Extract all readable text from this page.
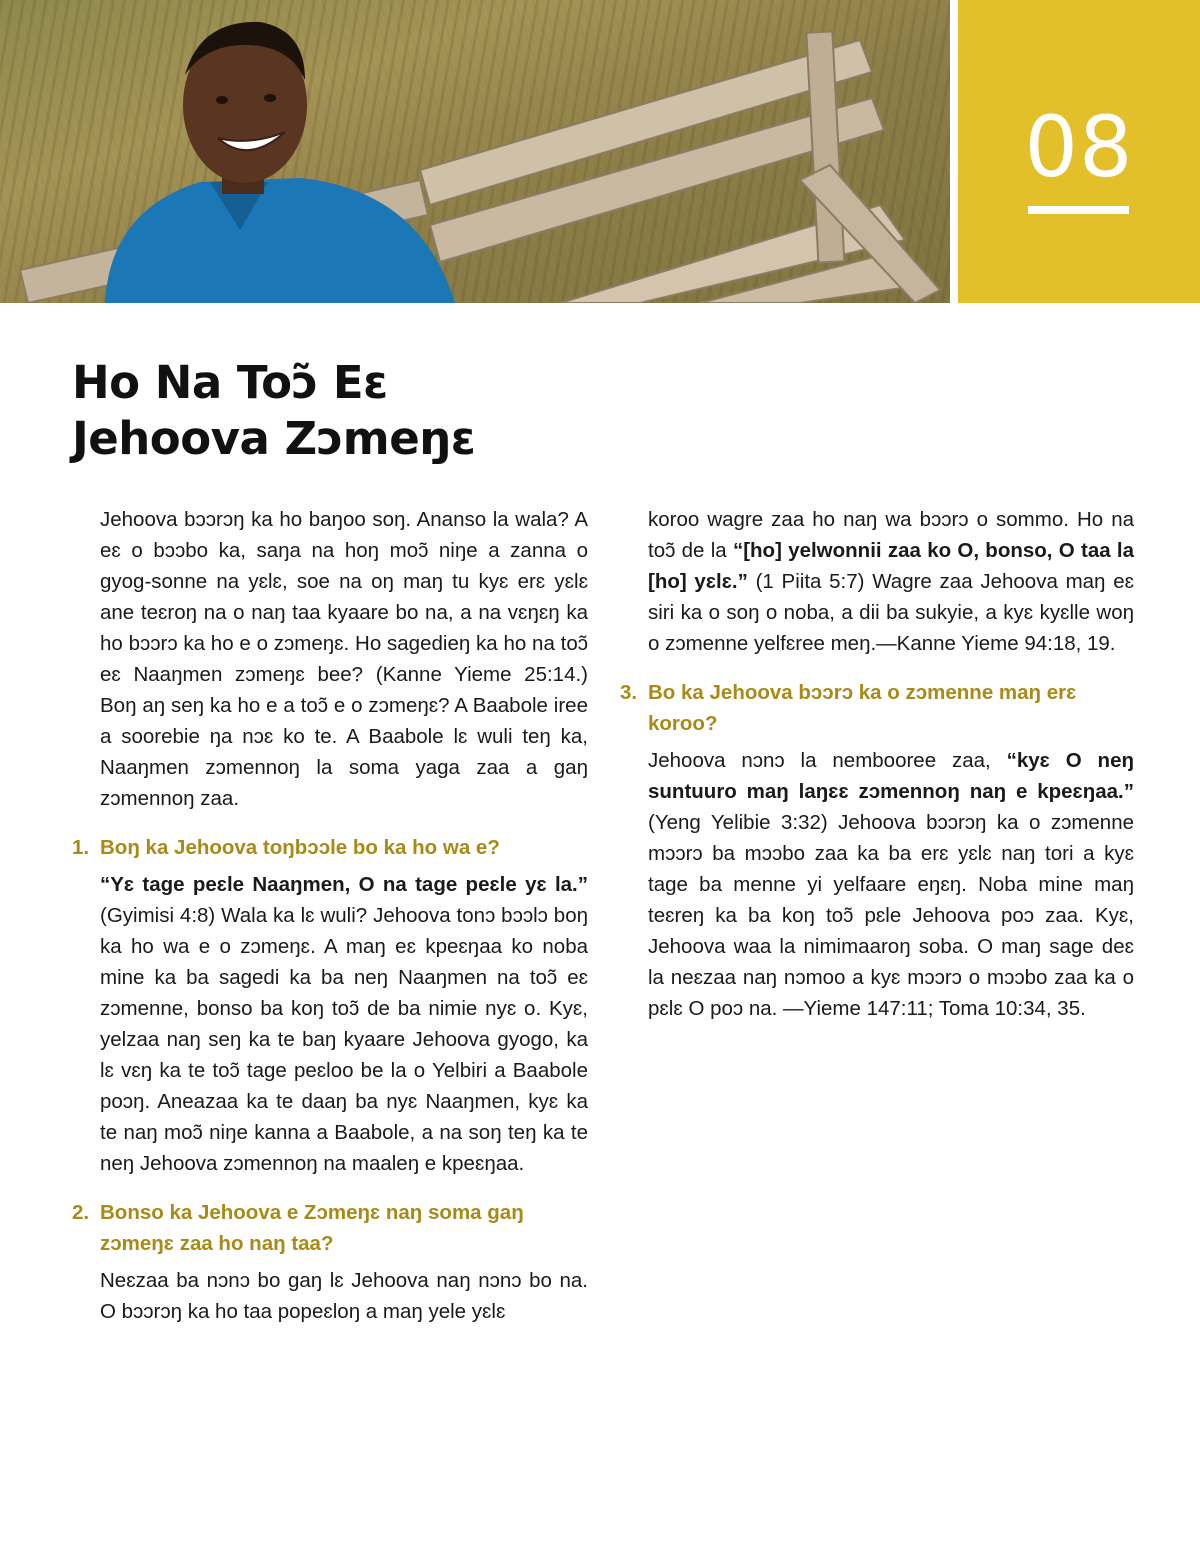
08
Ho Na Toɔ̃ Eɛ
Jehoova Zɔmeŋɛ

Jehoova bɔɔrɔŋ ka ho baŋoo soŋ. Ananso la wala? A eɛ o bɔɔbo ka, saŋa na hoŋ moɔ̃ niŋe a zanna o gyog-sonne na yɛlɛ, soe na oŋ maŋ tu kyɛ erɛ yɛlɛ ane teɛroŋ na o naŋ taa kyaare bo na, a na vɛŋɛŋ ka ho bɔɔrɔ ka ho e o zɔmeŋɛ. Ho sagedieŋ ka ho na toɔ̃ eɛ Naaŋmen zɔmeŋɛ bee? (Kanne Yieme 25:14.) Boŋ aŋ seŋ ka ho e a toɔ̃ e o zɔmeŋɛ? A Baabole iree a soorebie ŋa nɔɛ ko te. A Baabole lɛ wuli teŋ ka, Naaŋmen zɔmennoŋ la soma yaga zaa a gaŋ zɔmennoŋ zaa.

1. Boŋ ka Jehoova toŋbɔɔle bo ka ho wa e?

“Yɛ tage peɛle Naaŋmen, O na tage peɛle yɛ la.” (Gyimisi 4:8) Wala ka lɛ wuli? Jehoova tonɔ bɔɔlɔ boŋ ka ho wa e o zɔmeŋɛ. A maŋ eɛ kpeɛŋaa ko noba mine ka ba sagedi ka ba neŋ Naaŋmen na toɔ̃ eɛ zɔmenne, bonso ba koŋ toɔ̃ de ba nimie nyɛ o. Kyɛ, yelzaa naŋ seŋ ka te baŋ kyaare Jehoova gyogo, ka lɛ vɛŋ ka te toɔ̃ tage peɛloo be la o Yelbiri a Baabole poɔŋ. Aneazaa ka te daaŋ ba nyɛ Naaŋmen, kyɛ ka te naŋ moɔ̃ niŋe kanna a Baabole, a na soŋ teŋ ka te neŋ Jehoova zɔmennoŋ na maaleŋ e kpeɛŋaa.

2. Bonso ka Jehoova e Zɔmeŋɛ naŋ soma gaŋ zɔmeŋɛ zaa ho naŋ taa?

Neɛzaa ba nɔnɔ bo gaŋ lɛ Jehoova naŋ nɔnɔ bo na. O bɔɔrɔŋ ka ho taa popeɛloŋ a maŋ yele yɛlɛ

koroo wagre zaa ho naŋ wa bɔɔrɔ o sommo. Ho na toɔ̃ de la “[ho] yelwonnii zaa ko O, bonso, O taa la [ho] yɛlɛ.” (1 Piita 5:7) Wagre zaa Jehoova maŋ eɛ siri ka o soŋ o noba, a dii ba sukyie, a kyɛ kyɛlle woŋ o zɔmenne yelfɛree meŋ.—Kanne Yieme 94:18, 19.

3. Bo ka Jehoova bɔɔrɔ ka o zɔmenne maŋ erɛ koroo?

Jehoova nɔnɔ la nembooree zaa, “kyɛ O neŋ suntuuro maŋ laŋɛɛ zɔmennoŋ naŋ e kpeɛŋaa.” (Yeng Yelibie 3:32) Jehoova bɔɔrɔŋ ka o zɔmenne mɔɔrɔ ba mɔɔbo zaa ka ba erɛ yɛlɛ naŋ tori a kyɛ tage ba menne yi yelfaare eŋɛŋ. Noba mine maŋ teɛreŋ ka ba koŋ toɔ̃ pɛle Jehoova poɔ zaa. Kyɛ, Jehoova waa la nimimaaroŋ soba. O maŋ sage deɛ la neɛzaa naŋ nɔmoo a kyɛ mɔɔrɔ o mɔɔbo zaa ka o pɛlɛ O poɔ na. —Yieme 147:11; Toma 10:34, 35.
